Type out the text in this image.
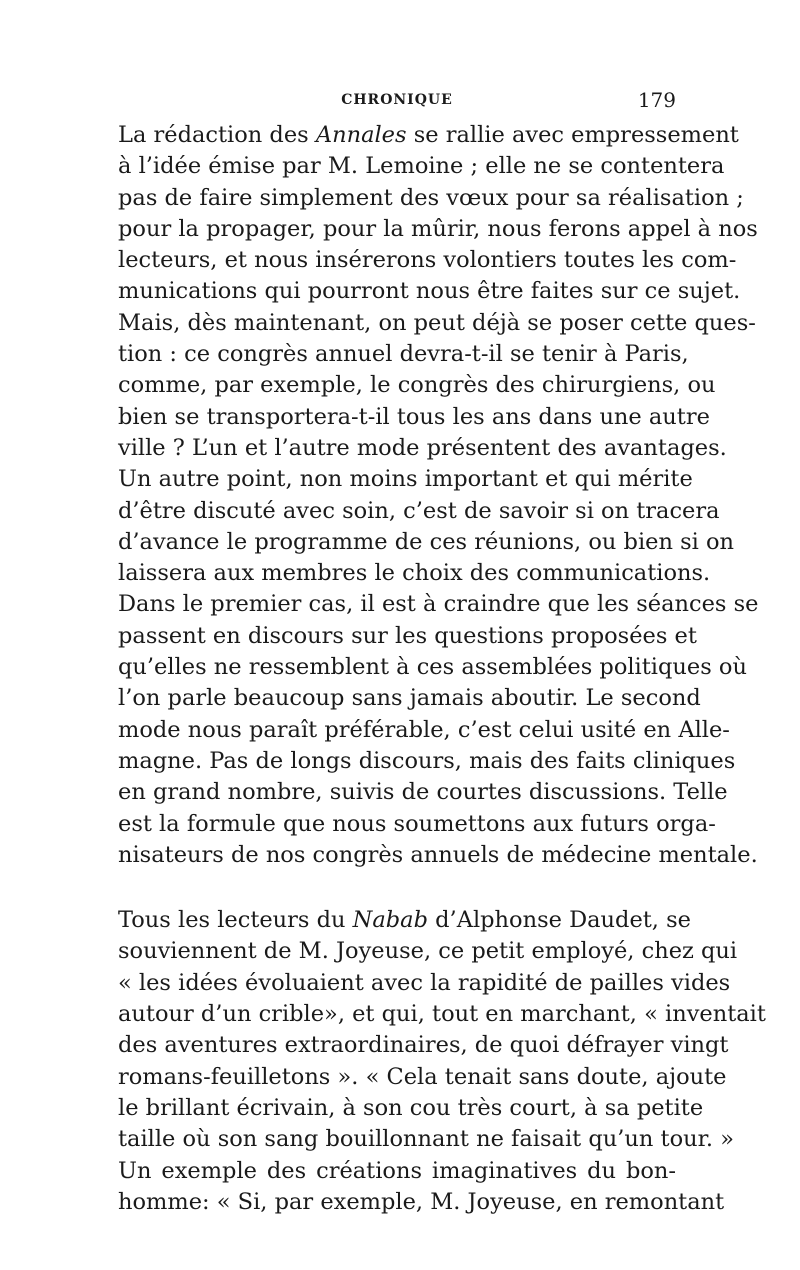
CHRONIQUE	179
La rédaction des Annales se rallie avec empressement
à l’idée émise par M. Lemoine ; elle ne se contentera
pas de faire simplement des vœux pour sa réalisation ;
pour la propager, pour la mûrir, nous ferons appel à nos
lecteurs, et nous insérerons volontiers toutes les com-
munications qui pourront nous être faites sur ce sujet.
Mais, dès maintenant, on peut déjà se poser cette ques-
tion : ce congrès annuel devra-t-il se tenir à Paris,
comme, par exemple, le congrès des chirurgiens, ou
bien se transportera-t-il tous les ans dans une autre
ville ? L’un et l’autre mode présentent des avantages.
Un autre point, non moins important et qui mérite
d’être discuté avec soin, c’est de savoir si on tracera
d’avance le programme de ces réunions, ou bien si on
laissera aux membres le choix des communications.
Dans le premier cas, il est à craindre que les séances se
passent en discours sur les questions proposées et
qu’elles ne ressemblent à ces assemblées politiques où
l’on parle beaucoup sans jamais aboutir. Le second
mode nous paraît préférable, c’est celui usité en Alle-
magne. Pas de longs discours, mais des faits cliniques
en grand nombre, suivis de courtes discussions. Telle
est la formule que nous soumettons aux futurs orga-
nisateurs de nos congrès annuels de médecine mentale.
Tous les lecteurs du Nabab d’Alphonse Daudet, se
souviennent de M. Joyeuse, ce petit employé, chez qui
« les idées évoluaient avec la rapidité de pailles vides
autour d’un crible», et qui, tout en marchant, « inventait
des aventures extraordinaires, de quoi défrayer vingt
romans-feuilletons ». « Cela tenait sans doute, ajoute
le brillant écrivain, à son cou très court, à sa petite
taille où son sang bouillonnant ne faisait qu’un tour. »
Un exemple des créations imaginatives du bon-
homme: « Si, par exemple, M. Joyeuse, en remontant
